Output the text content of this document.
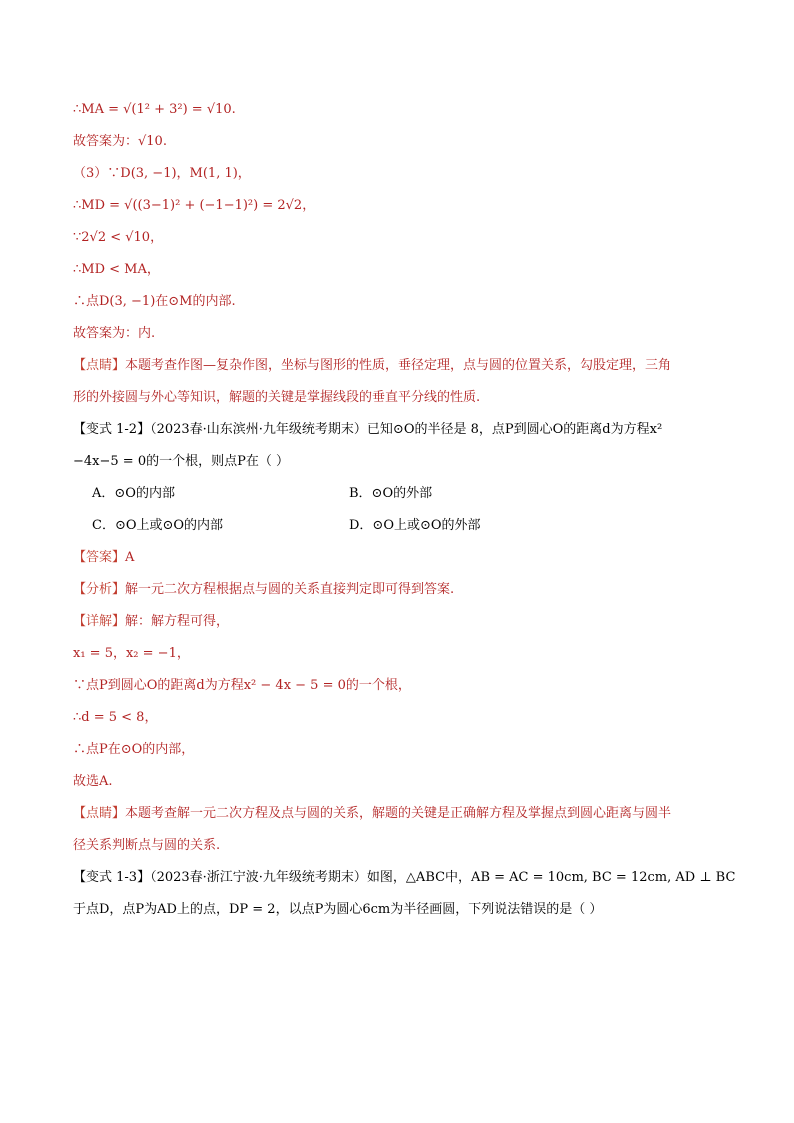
∴MA = √(1² + 3²) = √10.
故答案为：√10.
（3）∵D(3, −1)，M(1, 1)，
∴MD = √((3−1)² + (−1−1)²) = 2√2，
∵2√2 < √10，
∴MD < MA，
∴点D(3, −1)在⊙M的内部.
故答案为：内.
【点睛】本题考查作图—复杂作图，坐标与图形的性质，垂径定理，点与圆的位置关系，勾股定理，三角
形的外接圆与外心等知识，解题的关键是掌握线段的垂直平分线的性质.
【变式 1-2】（2023春·山东滨州·九年级统考期末）已知⊙O的半径是 8，点P到圆心O的距离d为方程x²
−4x−5 = 0的一个根，则点P在（ ）
A．⊙O的内部	B．⊙O的外部
C．⊙O上或⊙O的内部	D．⊙O上或⊙O的外部
【答案】A
【分析】解一元二次方程根据点与圆的关系直接判定即可得到答案.
【详解】解：解方程可得，
x₁ = 5，x₂ = −1，
∵点P到圆心O的距离d为方程x² − 4x − 5 = 0的一个根，
∴d = 5 < 8，
∴点P在⊙O的内部，
故选A.
【点睛】本题考查解一元二次方程及点与圆的关系，解题的关键是正确解方程及掌握点到圆心距离与圆半
径关系判断点与圆的关系.
【变式 1-3】（2023春·浙江宁波·九年级统考期末）如图，△ABC中，AB = AC = 10cm, BC = 12cm, AD ⊥ BC
于点D，点P为AD上的点，DP = 2，以点P为圆心6cm为半径画圆，下列说法错误的是（ ）
